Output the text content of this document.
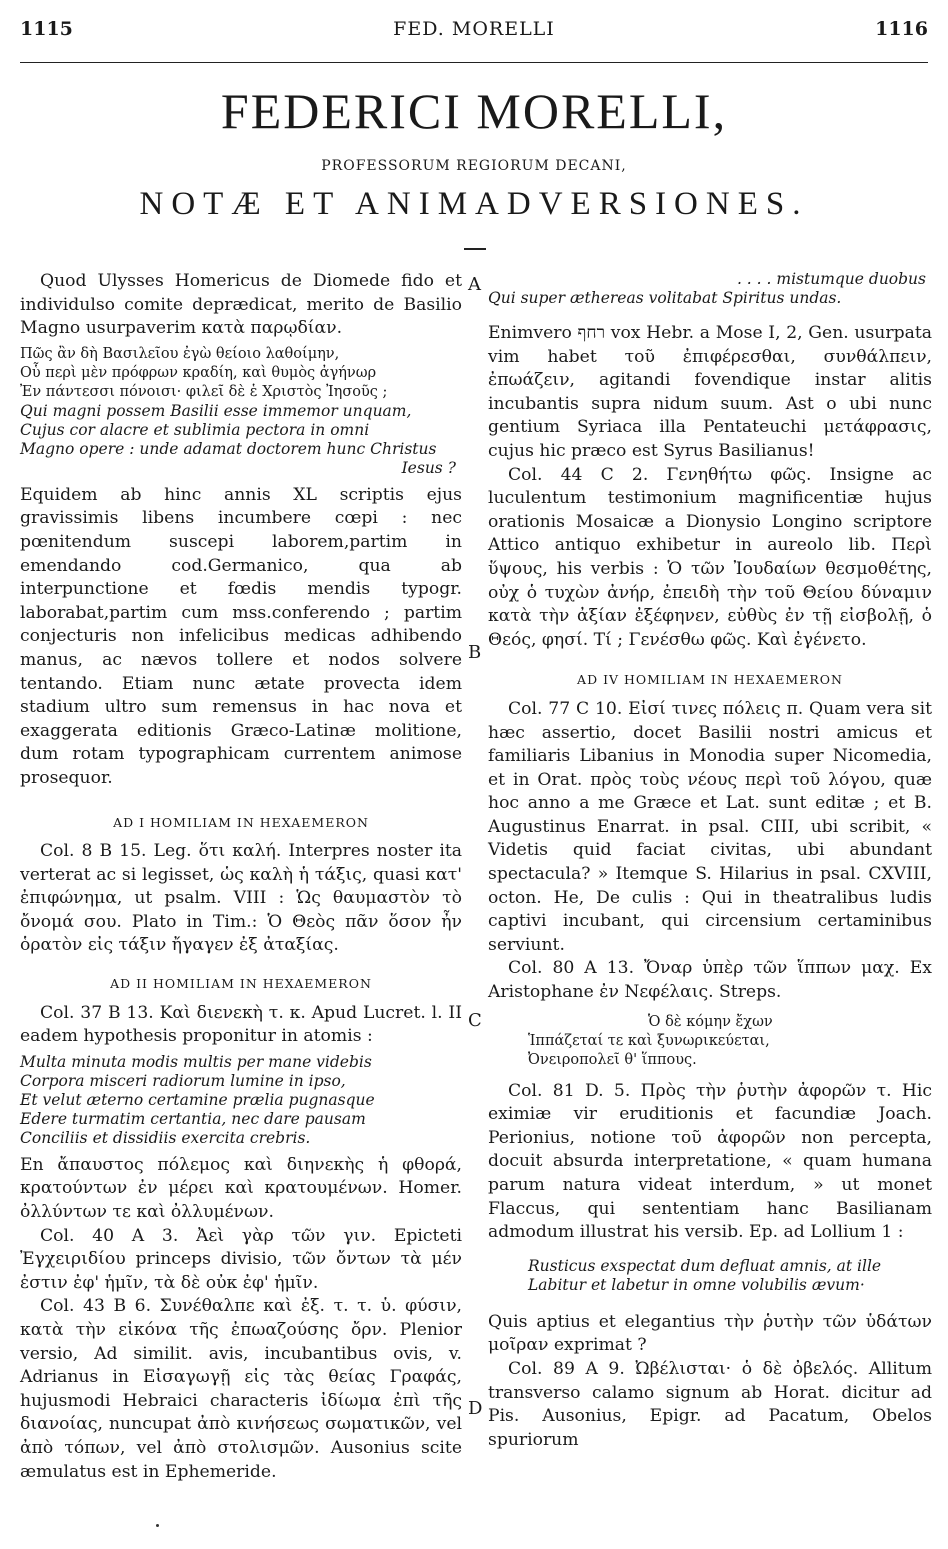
1115	FED. MORELLI	1116
FEDERICI MORELLI,
PROFESSORUM REGIORUM DECANI,
NOTÆ ET ANIMADVERSIONES.
A
B
C
D

Quod Ulysses Homericus de Diomede fido et individulso comite deprædicat, merito de Basilio Magno usurpaverim κατὰ παρῳδίαν.

Πῶς ἂν δὴ Βασιλεῖου ἐγὼ θείοιο λαθοίμην,
Οὗ περὶ μὲν πρόφρων κραδίη, καὶ θυμὸς ἀγήνωρ
Ἐν πάντεσσι πόνοισι· φιλεῖ δὲ ἑ Χριστὸς Ἰησοῦς ;
Qui magni possem Basilii esse immemor unquam,
Cujus cor alacre et sublimia pectora in omni
Magno opere : unde adamat doctorem hunc Christus
Iesus ?

Equidem ab hinc annis XL scriptis ejus gravissimis libens incumbere cœpi : nec pœnitendum suscepi laborem,partim in emendando cod.Germanico, qua ab interpunctione et fœdis mendis typogr. laborabat,partim cum mss.conferendo ; partim conjecturis non infelicibus medicas adhibendo manus, ac nævos tollere et nodos solvere tentando. Etiam nunc ætate provecta idem stadium ultro sum remensus in hac nova et exaggerata editionis Græco-Latinæ molitione, dum rotam typographicam currentem animose prosequor.

AD I HOMILIAM IN HEXAEMERON

Col. 8 B 15. Leg. ὅτι καλή. Interpres noster ita verterat ac si legisset, ὡς καλὴ ἡ τάξις, quasi κατ' ἐπιφώνημα, ut psalm. VIII : Ὡς θαυμαστὸν τὸ ὄνομά σου. Plato in Tim.: Ὁ Θεὸς πᾶν ὅσον ἦν ὁρατὸν εἰς τάξιν ἤγαγεν ἐξ ἀταξίας.

AD II HOMILIAM IN HEXAEMERON

Col. 37 B 13. Καὶ διενεκὴ τ. κ. Apud Lucret. l. II eadem hypothesis proponitur in atomis :

Multa minuta modis multis per mane videbis
Corpora misceri radiorum lumine in ipso,
Et velut æterno certamine prælia pugnasque
Edere turmatim certantia, nec dare pausam
Conciliis et dissidiis exercita crebris.

En ἄπαυστος πόλεμος καὶ διηνεκὴς ἡ φθορά, κρατούντων ἐν μέρει καὶ κρατουμένων. Homer. ὀλλύντων τε καὶ ὀλλυμένων.

Col. 40 A 3. Ἀεὶ γὰρ τῶν γιν. Epicteti Ἐγχειριδίου princeps divisio, τῶν ὄντων τὰ μέν ἐστιν ἐφ' ἡμῖν, τὰ δὲ οὐκ ἐφ' ἡμῖν.

Col. 43 B 6. Συνέθαλπε καὶ ἐξ. τ. τ. ὑ. φύσιν, κατὰ τὴν εἰκόνα τῆς ἐπωαζούσης ὄρν. Plenior versio, Ad similit. avis, incubantibus ovis, v. Adrianus in Εἰσαγωγῇ εἰς τὰς θείας Γραφάς, hujusmodi Hebraici characteris ἰδίωμα ἐπὶ τῆς διανοίας, nuncupat ἀπὸ κινήσεως σωματικῶν, vel ἀπὸ τόπων, vel ἀπὸ στολισμῶν. Ausonius scite æmulatus est in Ephemeride.

. . . . mistumque duobus
Qui super æthereas volitabat Spiritus undas.

Enimvero רחף vox Hebr. a Mose I, 2, Gen. usurpata vim habet τοῦ ἐπιφέρεσθαι, συνθάλπειν, ἐπωάζειν, agitandi fovendique instar alitis incubantis supra nidum suum. Ast o ubi nunc gentium Syriaca illa Pentateuchi μετάφρασις, cujus hic præco est Syrus Basilianus!

Col. 44 C 2. Γενηθήτω φῶς. Insigne ac luculentum testimonium magnificentiæ hujus orationis Mosaicæ a Dionysio Longino scriptore Attico antiquo exhibetur in aureolo lib. Περὶ ὕψους, his verbis : Ὁ τῶν Ἰουδαίων θεσμοθέτης, οὐχ ὁ τυχὼν ἀνήρ, ἐπειδὴ τὴν τοῦ Θείου δύναμιν κατὰ τὴν ἀξίαν ἐξέφηνεν, εὐθὺς ἐν τῇ εἰσβολῇ, ὁ Θεός, φησί. Τί ; Γενέσθω φῶς. Καὶ ἐγένετο.

AD IV HOMILIAM IN HEXAEMERON

Col. 77 C 10. Εἰσί τινες πόλεις π. Quam vera sit hæc assertio, docet Basilii nostri amicus et familiaris Libanius in Monodia super Nicomedia, et in Orat. πρὸς τοὺς νέους περὶ τοῦ λόγου, quæ hoc anno a me Græce et Lat. sunt editæ ; et B. Augustinus Enarrat. in psal. CIII, ubi scribit, « Videtis quid faciat civitas, ubi abundant spectacula? » Itemque S. Hilarius in psal. CXVIII, octon. He, De culis : Qui in theatralibus ludis captivi incubant, qui circensium certaminibus serviunt.

Col. 80 A 13. Ὄναρ ὑπὲρ τῶν ἵππων μαχ. Ex Aristophane ἐν Νεφέλαις. Streps.

Ὁ δὲ κόμην ἔχων
Ἱππάζεταί τε καὶ ξυνωρικεύεται,
Ὀνειροπολεῖ θ' ἵππους.

Col. 81 D. 5. Πρὸς τὴν ῥυτὴν ἀφορῶν τ. Hic eximiæ vir eruditionis et facundiæ Joach. Perionius, notione τοῦ ἀφορῶν non percepta, docuit absurda interpretatione, « quam humana parum natura videat interdum, » ut monet Flaccus, qui sententiam hanc Basilianam admodum illustrat his versib. Ep. ad Lollium 1 :

Rusticus exspectat dum defluat amnis, at ille
Labitur et labetur in omne volubilis ævum·

Quis aptius et elegantius τὴν ῥυτὴν τῶν ὑδάτων μοῖραν exprimat ?

Col. 89 A 9. Ὠβέλισται· ὁ δὲ ὀβελός. Allitum transverso calamo signum ab Horat. dicitur ad Pis. Ausonius, Epigr. ad Pacatum, Obelos spuriorum
